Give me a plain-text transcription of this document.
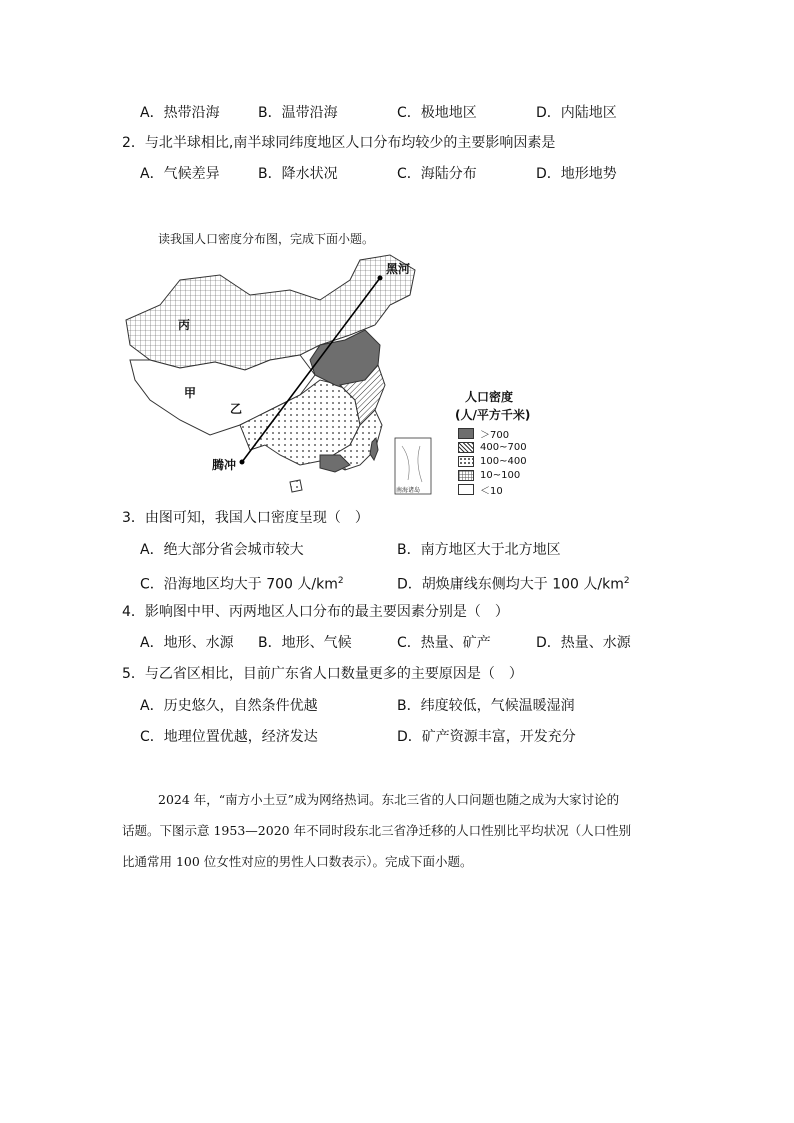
A．热带沿海	B．温带沿海	C．极地地区	D．内陆地区
2．与北半球相比,南半球同纬度地区人口分布均较少的主要影响因素是
A．气候差异	B．降水状况	C．海陆分布	D．地形地势
读我国人口密度分布图，完成下面小题。
黑河
腾冲
丙
甲
乙
南海诸岛
人口密度
(人/平方千米)
＞700
400~700
100~400
10~100
＜10
3．由图可知，我国人口密度呈现（　）
A．绝大部分省会城市较大	B．南方地区大于北方地区
C．沿海地区均大于 700 人$/km^2$	D．胡焕庸线东侧均大于 100 人$/km^2$
4．影响图中甲、丙两地区人口分布的最主要因素分别是（　）
A．地形、水源 B．地形、气候	C．热量、矿产	D．热量、水源
5．与乙省区相比，目前广东省人口数量更多的主要原因是（　）
A．历史悠久，自然条件优越	B．纬度较低，气候温暖湿润
C．地理位置优越，经济发达	D．矿产资源丰富，开发充分
2024 年，“南方小土豆”成为网络热词。东北三省的人口问题也随之成为大家讨论的
话题。下图示意 1953—2020 年不同时段东北三省净迁移的人口性别比平均状况（人口性别
比通常用 100 位女性对应的男性人口数表示）。完成下面小题。
